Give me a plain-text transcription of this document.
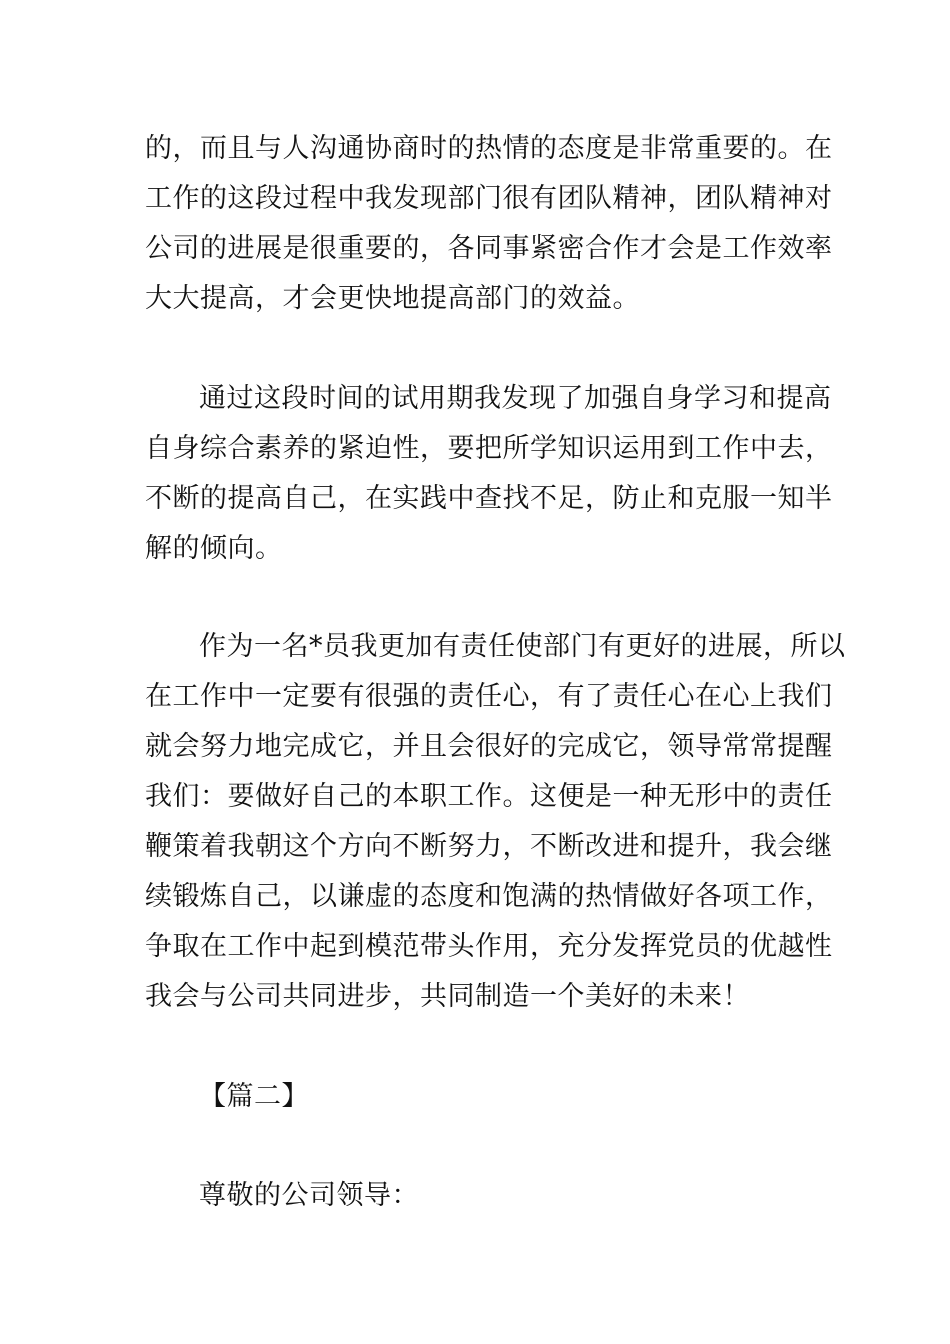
的，而且与人沟通协商时的热情的态度是非常重要的。在
工作的这段过程中我发现部门很有团队精神，团队精神对
公司的进展是很重要的，各同事紧密合作才会是工作效率
大大提高，才会更快地提高部门的效益。
通过这段时间的试用期我发现了加强自身学习和提高
自身综合素养的紧迫性，要把所学知识运用到工作中去，
不断的提高自己，在实践中查找不足，防止和克服一知半
解的倾向。
作为一名*员我更加有责任使部门有更好的进展，所以
在工作中一定要有很强的责任心，有了责任心在心上我们
就会努力地完成它，并且会很好的完成它，领导常常提醒
我们：要做好自己的本职工作。这便是一种无形中的责任
鞭策着我朝这个方向不断努力，不断改进和提升，我会继
续锻炼自己，以谦虚的态度和饱满的热情做好各项工作，
争取在工作中起到模范带头作用，充分发挥党员的优越性
我会与公司共同进步，共同制造一个美好的未来！
【篇二】
尊敬的公司领导：
